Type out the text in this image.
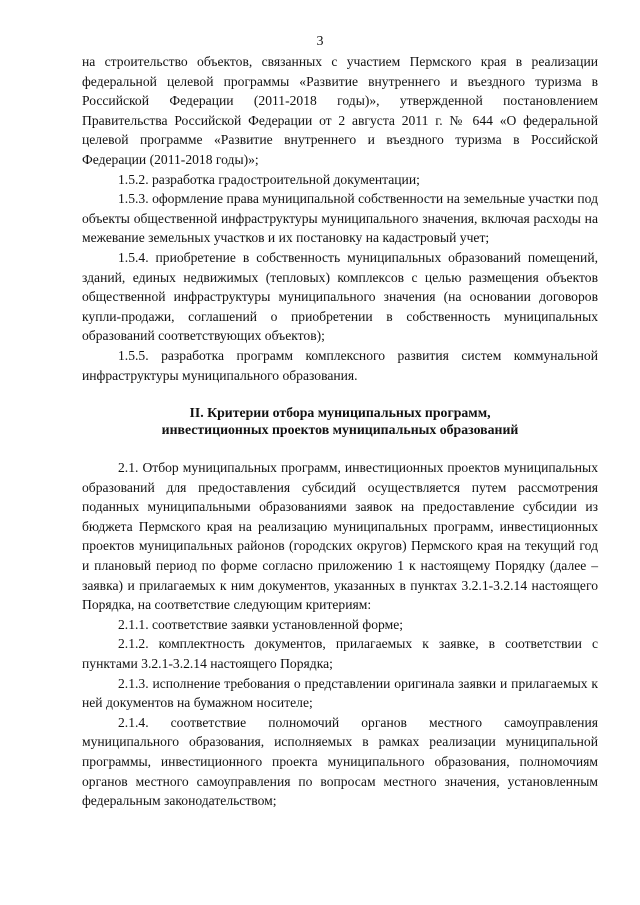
3

на строительство объектов, связанных с участием Пермского края в реализации федеральной целевой программы «Развитие внутреннего и въездного туризма в Российской Федерации (2011-2018 годы)», утвержденной постановлением Правительства Российской Федерации от 2 августа 2011 г. № 644 «О федеральной целевой программе «Развитие внутреннего и въездного туризма в Российской Федерации (2011-2018 годы)»;

1.5.2. разработка градостроительной документации;

1.5.3. оформление права муниципальной собственности на земельные участки под объекты общественной инфраструктуры муниципального значения, включая расходы на межевание земельных участков и их постановку на кадастровый учет;

1.5.4. приобретение в собственность муниципальных образований помещений, зданий, единых недвижимых (тепловых) комплексов с целью размещения объектов общественной инфраструктуры муниципального значения (на основании договоров купли-продажи, соглашений о приобретении в собственность муниципальных образований соответствующих объектов);

1.5.5. разработка программ комплексного развития систем коммунальной инфраструктуры муниципального образования.

II. Критерии отбора муниципальных программ,
инвестиционных проектов муниципальных образований

2.1. Отбор муниципальных программ, инвестиционных проектов муниципальных образований для предоставления субсидий осуществляется путем рассмотрения поданных муниципальными образованиями заявок на предоставление субсидии из бюджета Пермского края на реализацию муниципальных программ, инвестиционных проектов муниципальных районов (городских округов) Пермского края на текущий год и плановый период по форме согласно приложению 1 к настоящему Порядку (далее – заявка) и прилагаемых к ним документов, указанных в пунктах 3.2.1-3.2.14 настоящего Порядка, на соответствие следующим критериям:

2.1.1. соответствие заявки установленной форме;

2.1.2. комплектность документов, прилагаемых к заявке, в соответствии с пунктами 3.2.1-3.2.14 настоящего Порядка;

2.1.3. исполнение требования о представлении оригинала заявки и прилагаемых к ней документов на бумажном носителе;

2.1.4. соответствие полномочий органов местного самоуправления муниципального образования, исполняемых в рамках реализации муниципальной программы, инвестиционного проекта муниципального образования, полномочиям органов местного самоуправления по вопросам местного значения, установленным федеральным законодательством;
